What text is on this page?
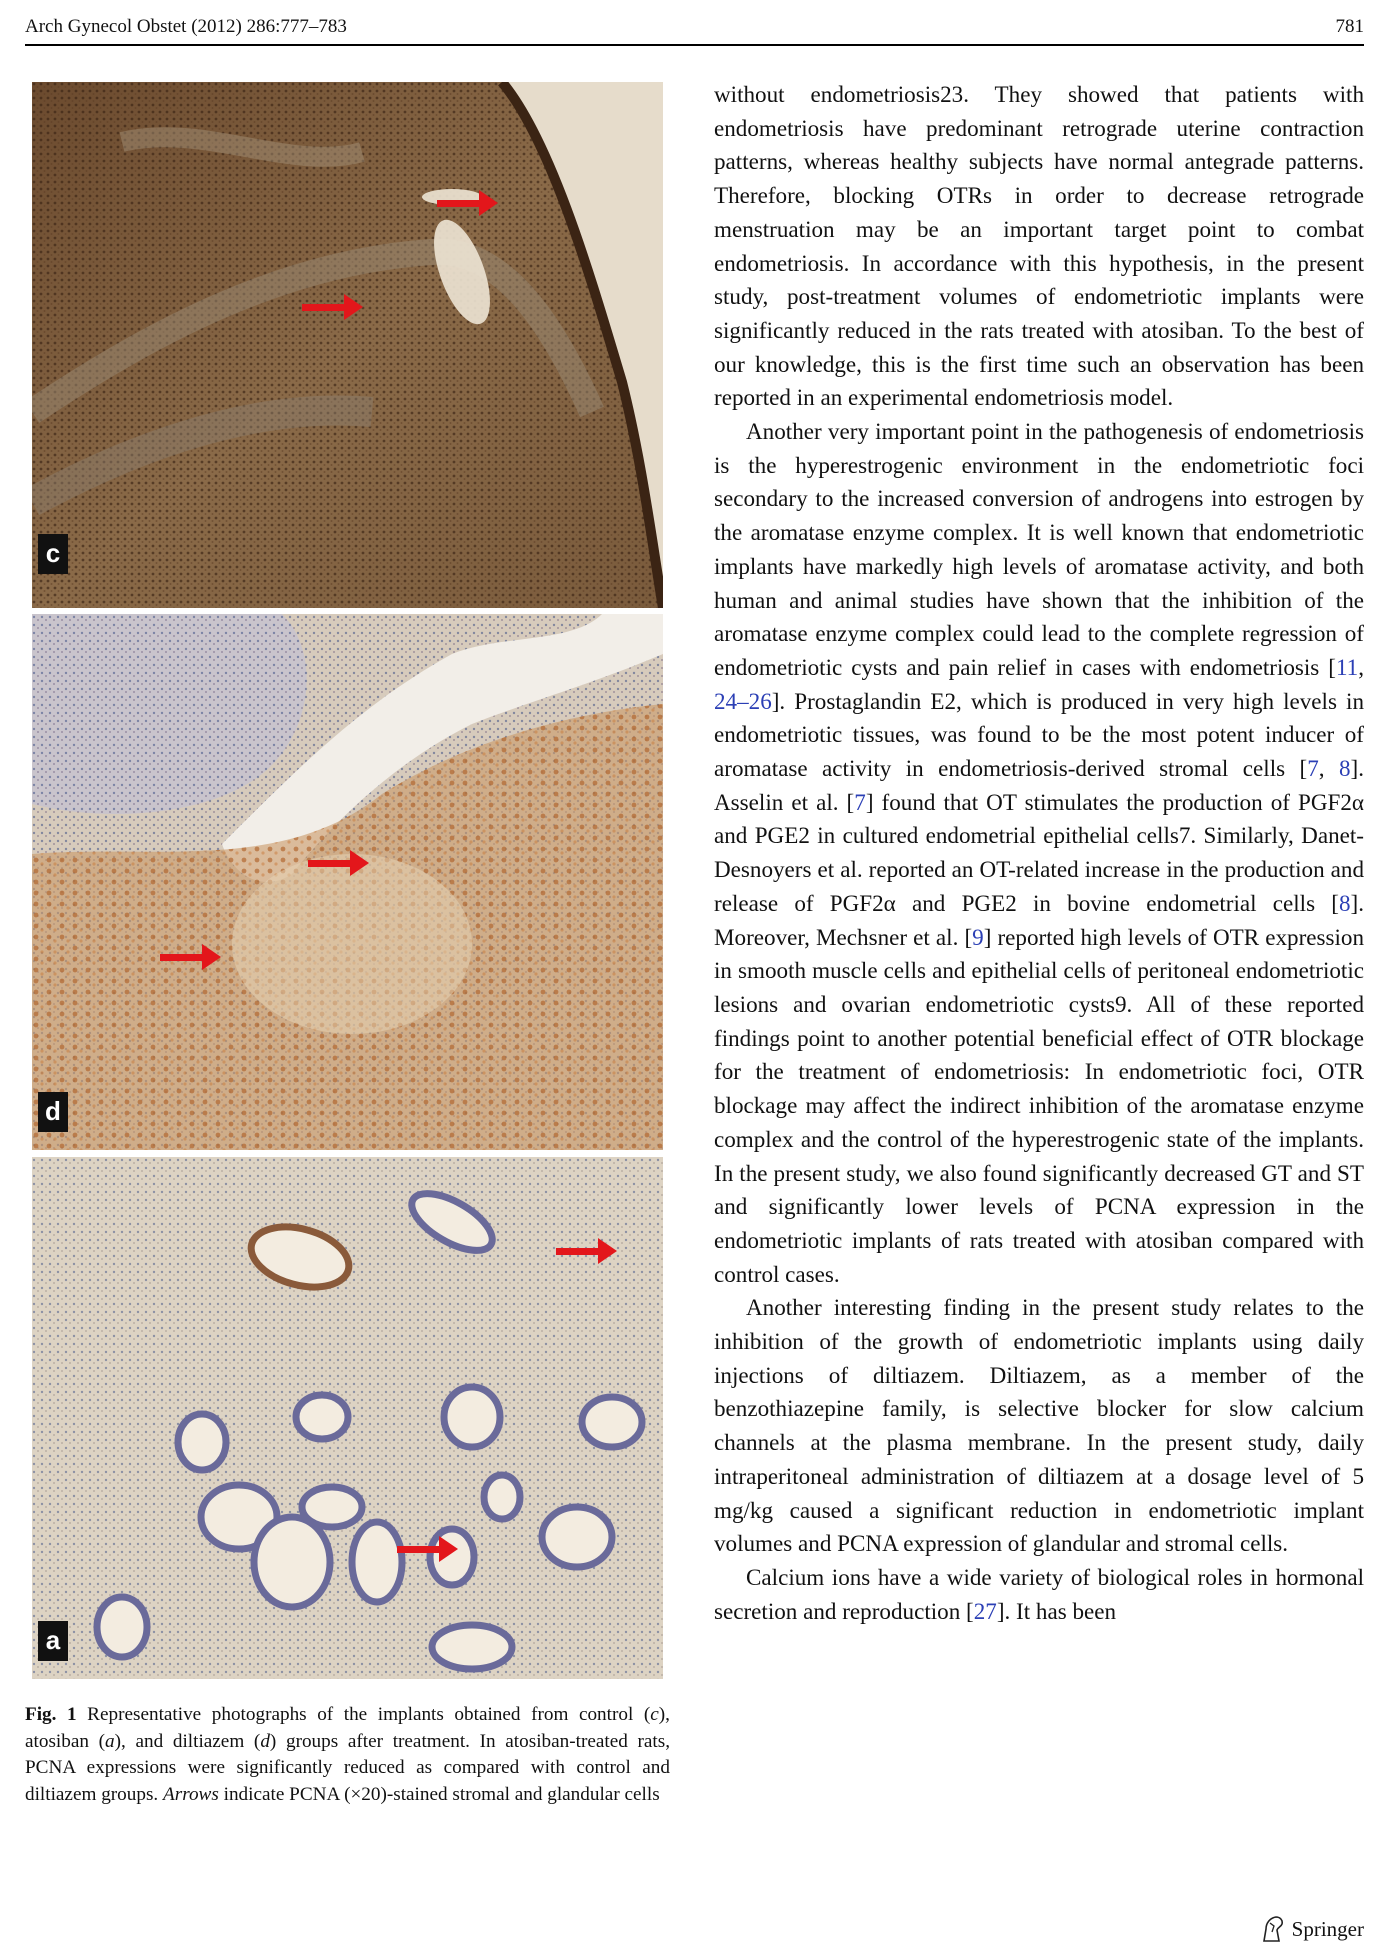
Arch Gynecol Obstet (2012) 286:777–783	781
c
d
a
Fig. 1 Representative photographs of the implants obtained from control (c), atosiban (a), and diltiazem (d) groups after treatment. In atosiban-treated rats, PCNA expressions were significantly reduced as compared with control and diltiazem groups. Arrows indicate PCNA (×20)-stained stromal and glandular cells

without endometriosis23. They showed that patients with endometriosis have predominant retrograde uterine contraction patterns, whereas healthy subjects have normal antegrade patterns. Therefore, blocking OTRs in order to decrease retrograde menstruation may be an important target point to combat endometriosis. In accordance with this hypothesis, in the present study, post-treatment volumes of endometriotic implants were significantly reduced in the rats treated with atosiban. To the best of our knowledge, this is the first time such an observation has been reported in an experimental endometriosis model.

Another very important point in the pathogenesis of endometriosis is the hyperestrogenic environment in the endometriotic foci secondary to the increased conversion of androgens into estrogen by the aromatase enzyme complex. It is well known that endometriotic implants have markedly high levels of aromatase activity, and both human and animal studies have shown that the inhibition of the aromatase enzyme complex could lead to the complete regression of endometriotic cysts and pain relief in cases with endometriosis [11, 24–26]. Prostaglandin E2, which is produced in very high levels in endometriotic tissues, was found to be the most potent inducer of aromatase activity in endometriosis-derived stromal cells [7, 8]. Asselin et al. [7] found that OT stimulates the production of PGF2α and PGE2 in cultured endometrial epithelial cells7. Similarly, Danet-Desnoyers et al. reported an OT-related increase in the production and release of PGF2α and PGE2 in bovine endometrial cells [8]. Moreover, Mechsner et al. [9] reported high levels of OTR expression in smooth muscle cells and epithelial cells of peritoneal endometriotic lesions and ovarian endometriotic cysts9. All of these reported findings point to another potential beneficial effect of OTR blockage for the treatment of endometriosis: In endometriotic foci, OTR blockage may affect the indirect inhibition of the aromatase enzyme complex and the control of the hyperestrogenic state of the implants. In the present study, we also found significantly decreased GT and ST and significantly lower levels of PCNA expression in the endometriotic implants of rats treated with atosiban compared with control cases.

Another interesting finding in the present study relates to the inhibition of the growth of endometriotic implants using daily injections of diltiazem. Diltiazem, as a member of the benzothiazepine family, is selective blocker for slow calcium channels at the plasma membrane. In the present study, daily intraperitoneal administration of diltiazem at a dosage level of 5 mg/kg caused a significant reduction in endometriotic implant volumes and PCNA expression of glandular and stromal cells.

Calcium ions have a wide variety of biological roles in hormonal secretion and reproduction [27]. It has been

Springer
